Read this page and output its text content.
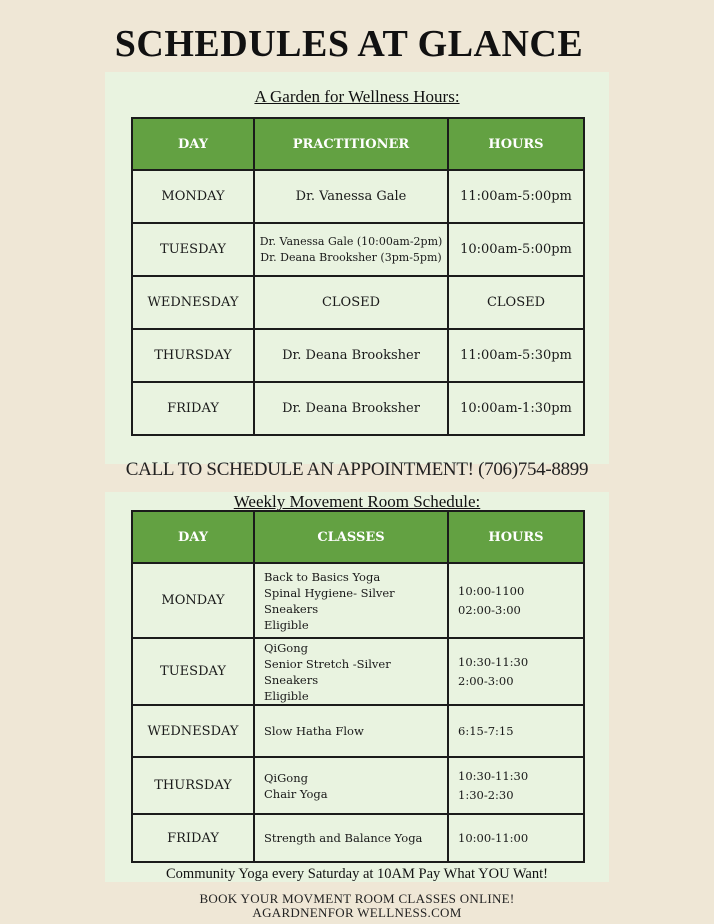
SCHEDULES AT GLANCE
A Garden for Wellness Hours:
DAY	PRACTITIONER	HOURS
MONDAY	Dr. Vanessa Gale	11:00am-5:00pm
TUESDAY	Dr. Vanessa Gale (10:00am-2pm)
Dr. Deana Brooksher (3pm-5pm)	10:00am-5:00pm
WEDNESDAY	CLOSED	CLOSED
THURSDAY	Dr. Deana Brooksher	11:00am-5:30pm
FRIDAY	Dr. Deana Brooksher	10:00am-1:30pm
CALL TO SCHEDULE AN APPOINTMENT! (706)754-8899
Weekly Movement Room Schedule:
DAY	CLASSES	HOURS
MONDAY	Back to Basics Yoga
Spinal Hygiene- Silver Sneakers
Eligible	10:00-1100
02:00-3:00

TUESDAY	QiGong
Senior Stretch -Silver Sneakers
Eligible	10:30-11:30
2:00-3:00

WEDNESDAY	Slow Hatha Flow	6:15-7:15
THURSDAY	QiGong
Chair Yoga	10:30-11:30
1:30-2:30

FRIDAY	Strength and Balance Yoga	10:00-11:00
Community Yoga every Saturday at 10AM Pay What YOU Want!
BOOK YOUR MOVMENT ROOM CLASSES ONLINE!
AGARDNENFOR WELLNESS.COM
